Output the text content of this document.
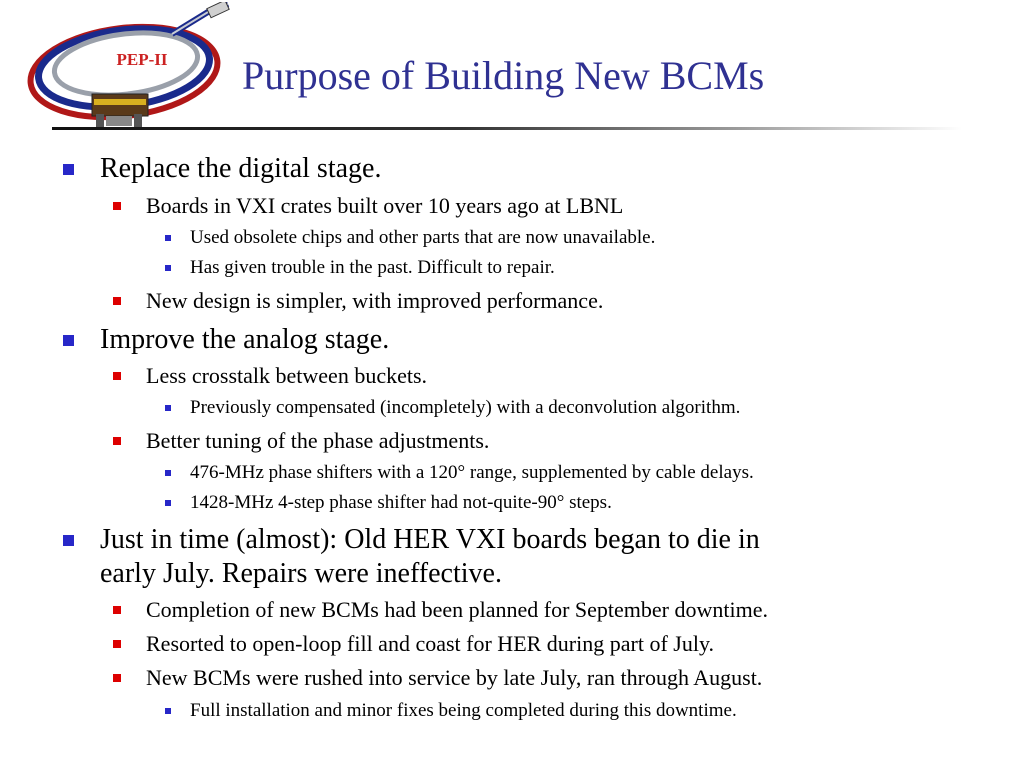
PEP-II	Purpose of Building New BCMs
Replace the digital stage.
Boards in VXI crates built over 10 years ago at LBNL
Used obsolete chips and other parts that are now unavailable.
Has given trouble in the past. Difficult to repair.
New design is simpler, with improved performance.
Improve the analog stage.
Less crosstalk between buckets.
Previously compensated (incompletely) with a deconvolution algorithm.
Better tuning of the phase adjustments.
476-MHz phase shifters with a 120° range, supplemented by cable delays.
1428-MHz 4-step phase shifter had not-quite-90° steps.
Just in time (almost): Old HER VXI boards began to die in
early July. Repairs were ineffective.
Completion of new BCMs had been planned for September downtime.
Resorted to open-loop fill and coast for HER during part of July.
New BCMs were rushed into service by late July, ran through August.
Full installation and minor fixes being completed during this downtime.
